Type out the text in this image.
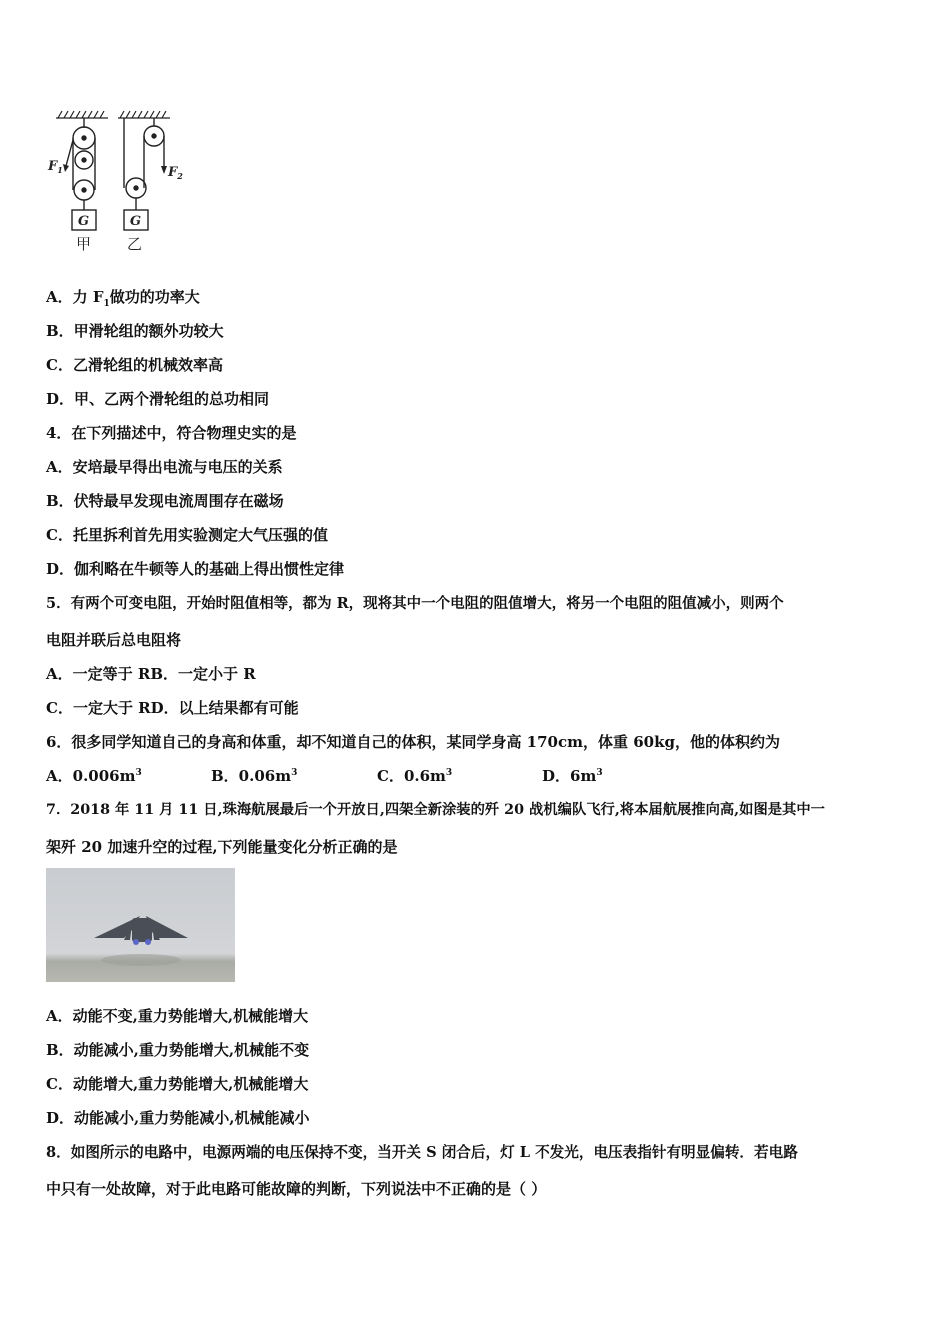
$F_1$	$F_2$
G	G
甲 乙
A．力 $F_1$做功的功率大
B．甲滑轮组的额外功较大
C．乙滑轮组的机械效率高
D．甲、乙两个滑轮组的总功相同
4．在下列描述中，符合物理史实的是
A．安培最早得出电流与电压的关系
B．伏特最早发现电流周围存在磁场
C．托里拆利首先用实验测定大气压强的值
D．伽利略在牛顿等人的基础上得出惯性定律
5．有两个可变电阻，开始时阻值相等，都为 R，现将其中一个电阻的阻值增大，将另一个电阻的阻值减小，则两个
电阻并联后总电阻将
A．一定等于 RB．一定小于 R
C．一定大于 RD．以上结果都有可能
6．很多同学知道自己的身高和体重，却不知道自己的体积，某同学身高 170cm，体重 60kg，他的体积约为
A．$0.006m^3$	B．$0.06m^3$	C．$0.6m^3$	D．$6m^3$
7．2018 年 11 月 11 日,珠海航展最后一个开放日,四架全新涂装的歼 20 战机编队飞行,将本届航展推向高,如图是其中一
架歼 20 加速升空的过程,下列能量变化分析正确的是
A．动能不变,重力势能增大,机械能增大
B．动能减小,重力势能增大,机械能不变
C．动能增大,重力势能增大,机械能增大
D．动能减小,重力势能减小,机械能减小
8．如图所示的电路中，电源两端的电压保持不变，当开关 S 闭合后，灯 L 不发光，电压表指针有明显偏转．若电路
中只有一处故障，对于此电路可能故障的判断，下列说法中不正确的是（ ）
